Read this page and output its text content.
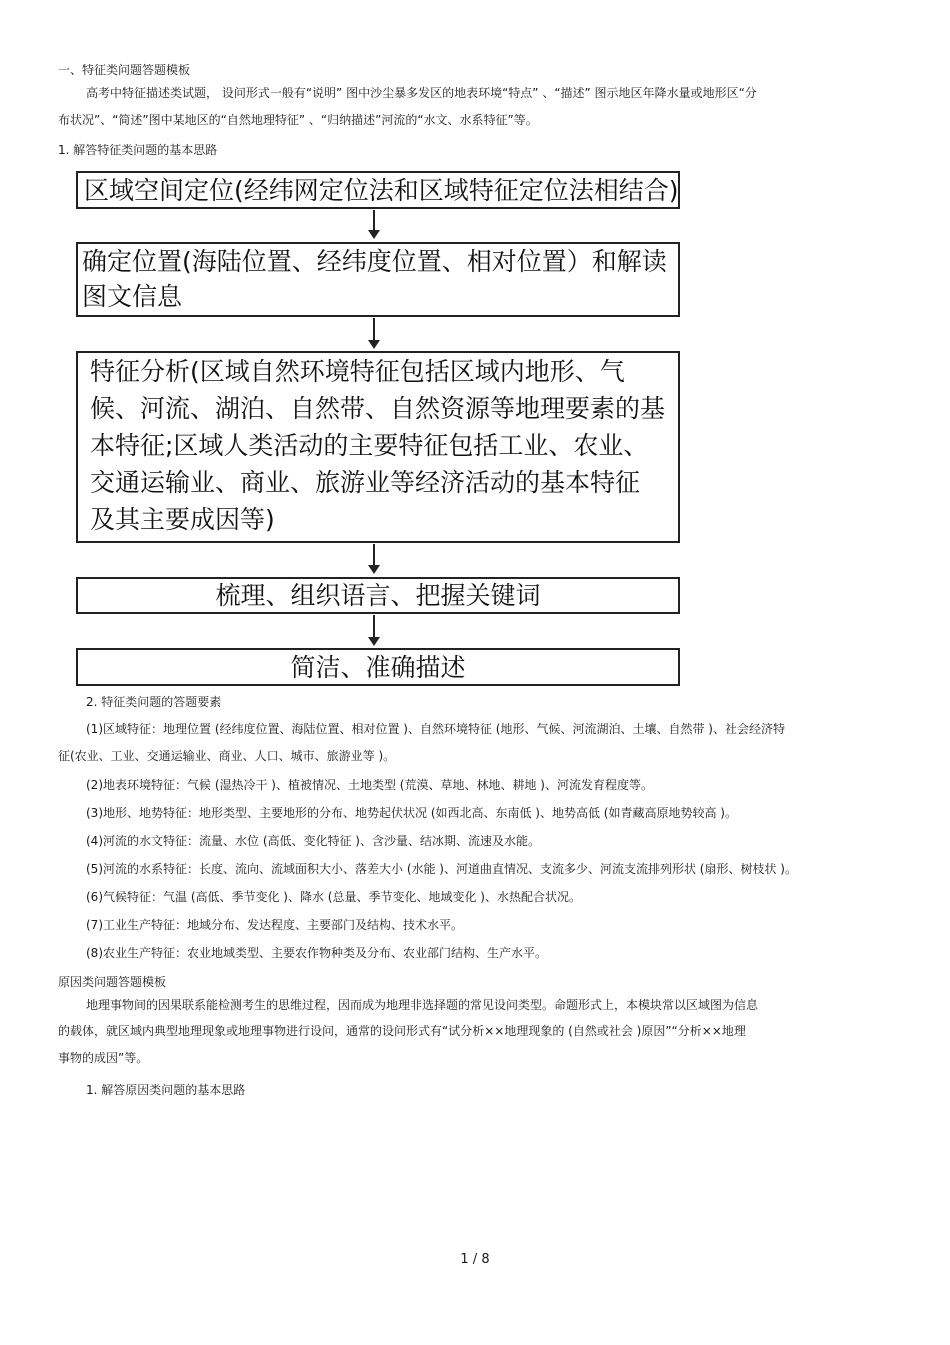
一、特征类问题答题模板
高考中特征描述类试题， 设问形式一般有“说明” 图中沙尘暴多发区的地表环境“特点” 、“描述” 图示地区年降水量或地形区“分
布状况”、“简述”图中某地区的“自然地理特征” 、“归纳描述”河流的“水文、水系特征”等。
1. 解答特征类问题的基本思路
区域空间定位(经纬网定位法和区域特征定位法相结合)
确定位置(海陆位置、经纬度位置、相对位置）和解读
图文信息
特征分析(区域自然环境特征包括区域内地形、气
候、河流、湖泊、自然带、自然资源等地理要素的基
本特征;区域人类活动的主要特征包括工业、农业、
交通运输业、商业、旅游业等经济活动的基本特征
及其主要成因等)
梳理、组织语言、把握关键词
简洁、准确描述
2. 特征类问题的答题要素
(1)区域特征：地理位置 (经纬度位置、海陆位置、相对位置 )、自然环境特征 (地形、气候、河流湖泊、土壤、自然带 )、社会经济特
征(农业、工业、交通运输业、商业、人口、城市、旅游业等 )。
(2)地表环境特征：气候 (湿热冷干 )、植被情况、土地类型 (荒漠、草地、林地、耕地 )、河流发育程度等。
(3)地形、地势特征：地形类型、主要地形的分布、地势起伏状况 (如西北高、东南低 )、地势高低 (如青藏高原地势较高 )。
(4)河流的水文特征：流量、水位 (高低、变化特征 )、含沙量、结冰期、流速及水能。
(5)河流的水系特征：长度、流向、流域面积大小、落差大小 (水能 )、河道曲直情况、支流多少、河流支流排列形状 (扇形、树枝状 )。
(6)气候特征：气温 (高低、季节变化 )、降水 (总量、季节变化、地域变化 )、水热配合状况。
(7)工业生产特征：地域分布、发达程度、主要部门及结构、技术水平。
(8)农业生产特征：农业地域类型、主要农作物种类及分布、农业部门结构、生产水平。
原因类问题答题模板
地理事物间的因果联系能检测考生的思维过程，因而成为地理非选择题的常见设问类型。命题形式上，本模块常以区域图为信息
的载体，就区域内典型地理现象或地理事物进行设问，通常的设问形式有“试分析××地理现象的 (自然或社会 )原因”“分析××地理
事物的成因”等。
1. 解答原因类问题的基本思路
1 / 8
